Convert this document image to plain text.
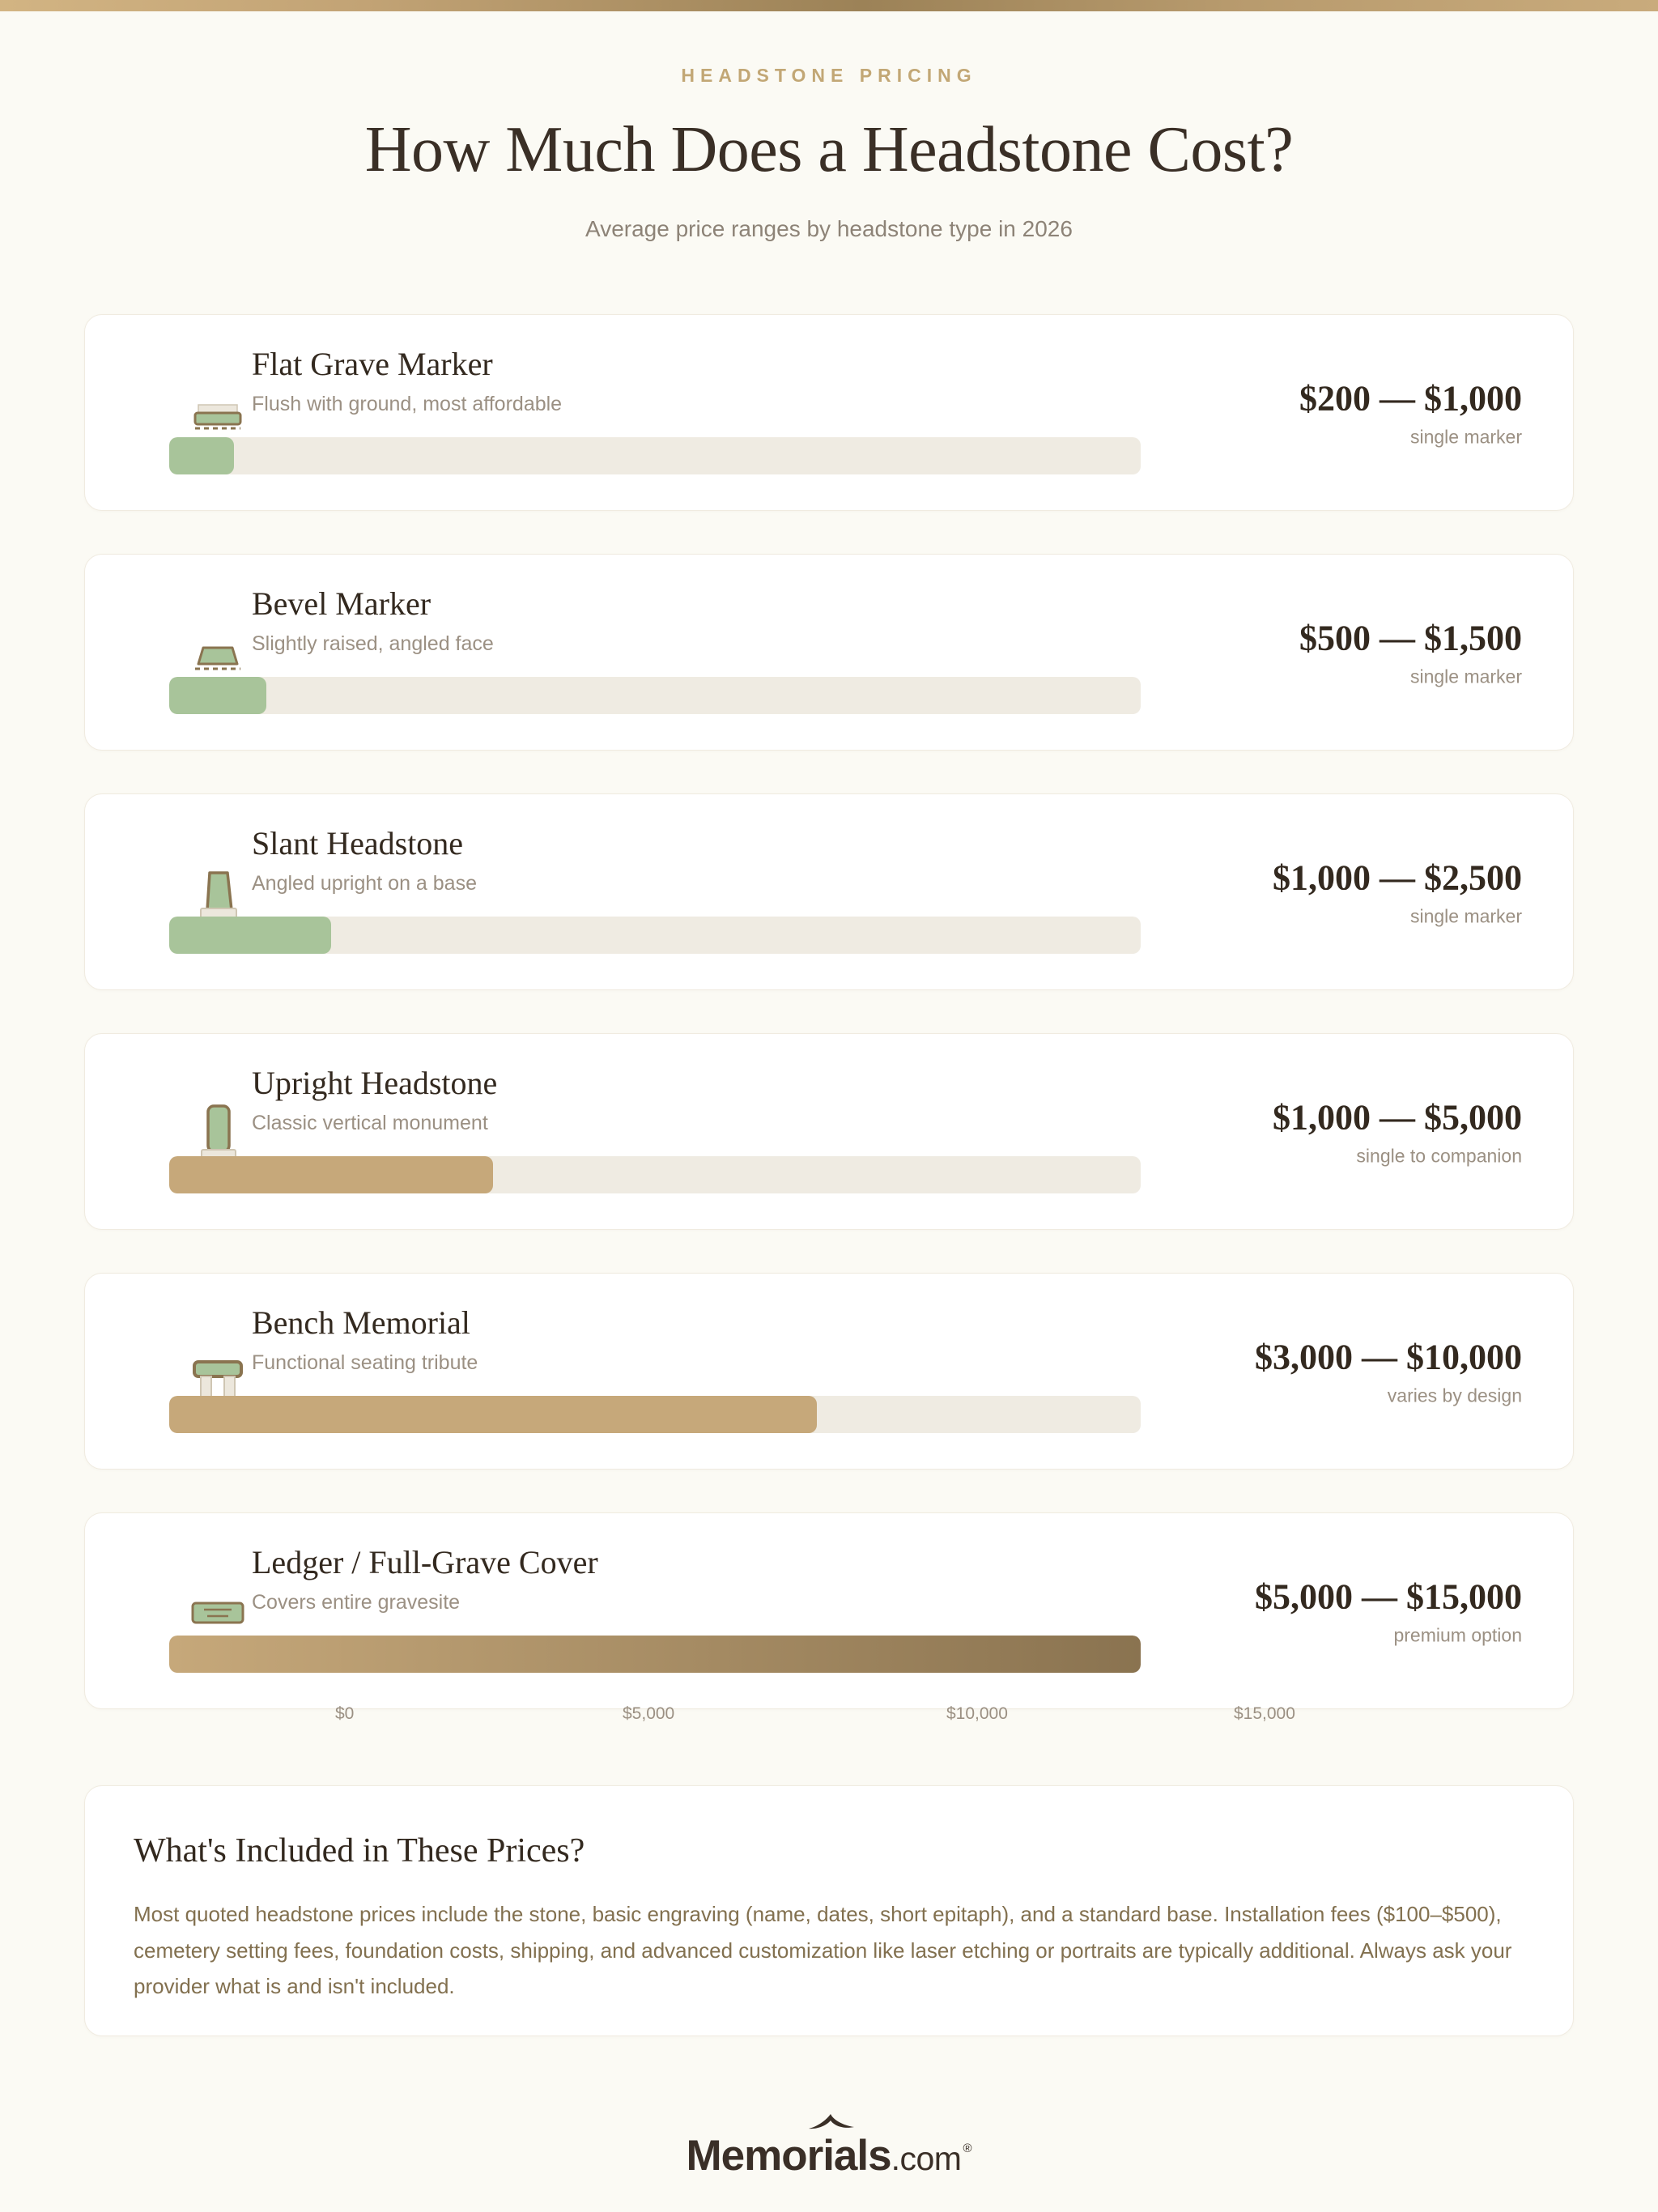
HEADSTONE PRICING
How Much Does a Headstone Cost?
Average price ranges by headstone type in 2026
Flat Grave Marker
Flush with ground, most affordable	$200 — $1,000
single marker
Bevel Marker
Slightly raised, angled face	$500 — $1,500
single marker
Slant Headstone
Angled upright on a base	$1,000 — $2,500
single marker
Upright Headstone
Classic vertical monument	$1,000 — $5,000
single to companion
Bench Memorial
Functional seating tribute	$3,000 — $10,000
varies by design
Ledger / Full-Grave Cover
Covers entire gravesite	$5,000 — $15,000
premium option
$0	$5,000	$10,000	$15,000
What's Included in These Prices?
Most quoted headstone prices include the stone, basic engraving (name, dates, short epitaph), and a standard base. Installation fees ($100–$500), cemetery setting fees, foundation costs, shipping, and advanced customization like laser etching or portraits are typically additional. Always ask your provider what is and isn't included.
Memorials .com ®
